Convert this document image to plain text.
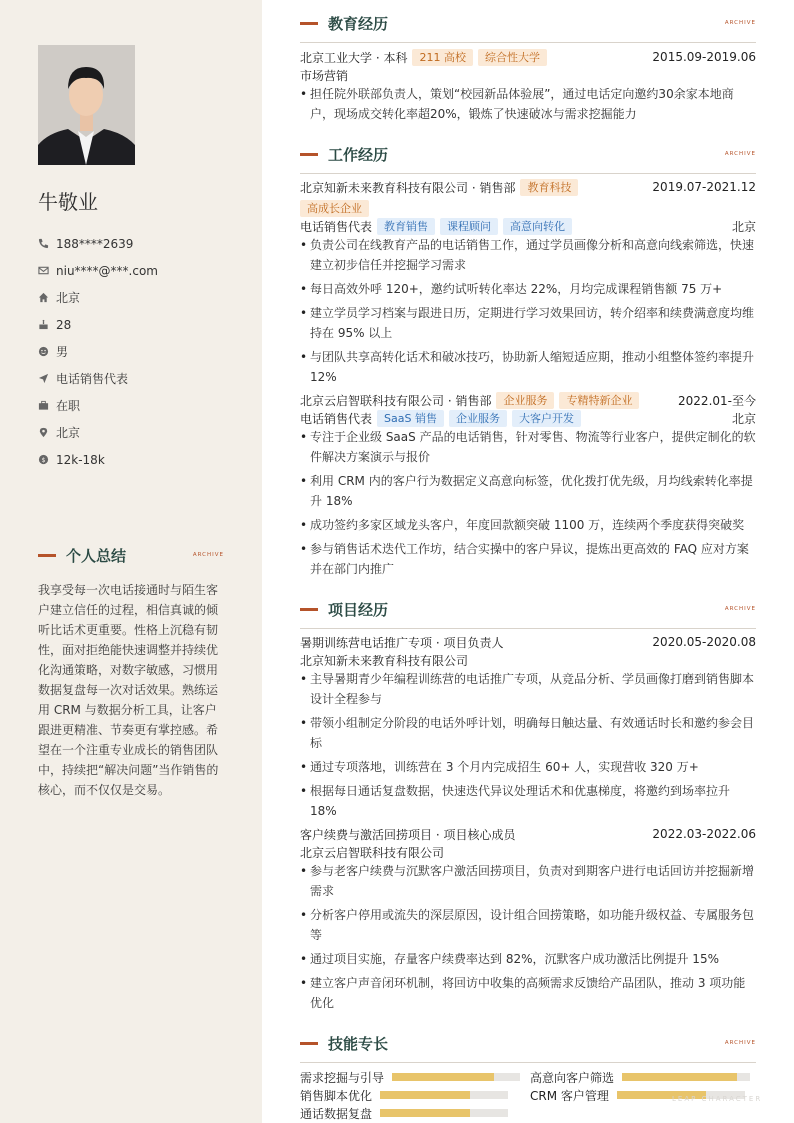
牛敬业
188****2639
niu****@***.com
北京
28
男
电话销售代表
在职
北京
$ 12k-18k
个人总结	ARCHIVE
我享受每一次电话接通时与陌生客户建立信任的过程，相信真诚的倾听比话术更重要。性格上沉稳有韧性，面对拒绝能快速调整并持续优化沟通策略，对数字敏感，习惯用数据复盘每一次对话效果。熟练运用 CRM 与数据分析工具，让客户跟进更精准、节奏更有掌控感。希望在一个注重专业成长的销售团队中，持续把“解决问题”当作销售的核心，而不仅仅是交易。
教育经历	ARCHIVE
北京工业大学 · 本科	211 高校	综合性大学	2015.09-2019.06
市场营销
• 担任院外联部负责人，策划“校园新品体验展”，通过电话定向邀约30余家本地商户，现场成交转化率超20%，锻炼了快速破冰与需求挖掘能力
工作经历	ARCHIVE
北京知新未来教育科技有限公司 · 销售部	教育科技	2019.07-2021.12
高成长企业
电话销售代表	教育销售	课程顾问	高意向转化	北京
• 负责公司在线教育产品的电话销售工作，通过学员画像分析和高意向线索筛选，快速建立初步信任并挖掘学习需求
• 每日高效外呼 120+，邀约试听转化率达 22%，月均完成课程销售额 75 万+
• 建立学员学习档案与跟进日历，定期进行学习效果回访，转介绍率和续费满意度均维持在 95% 以上
• 与团队共享高转化话术和破冰技巧，协助新人缩短适应期，推动小组整体签约率提升 12%
北京云启智联科技有限公司 · 销售部	企业服务	专精特新企业	2022.01-至今
电话销售代表	SaaS 销售	企业服务	大客户开发	北京
• 专注于企业级 SaaS 产品的电话销售，针对零售、物流等行业客户，提供定制化的软件解决方案演示与报价
• 利用 CRM 内的客户行为数据定义高意向标签，优化拨打优先级，月均线索转化率提升 18%
• 成功签约多家区域龙头客户，年度回款额突破 1100 万，连续两个季度获得突破奖
• 参与销售话术迭代工作坊，结合实操中的客户异议，提炼出更高效的 FAQ 应对方案并在部门内推广
项目经历	ARCHIVE
暑期训练营电话推广专项 · 项目负责人	2020.05-2020.08
北京知新未来教育科技有限公司
• 主导暑期青少年编程训练营的电话推广专项，从竞品分析、学员画像打磨到销售脚本设计全程参与
• 带领小组制定分阶段的电话外呼计划，明确每日触达量、有效通话时长和邀约参会目标
• 通过专项落地，训练营在 3 个月内完成招生 60+ 人，实现营收 320 万+
• 根据每日通话复盘数据，快速迭代异议处理话术和优惠梯度，将邀约到场率拉升 18%
客户续费与激活回捞项目 · 项目核心成员	2022.03-2022.06
北京云启智联科技有限公司
• 参与老客户续费与沉默客户激活回捞项目，负责对到期客户进行电话回访并挖掘新增需求
• 分析客户停用或流失的深层原因，设计组合回捞策略，如功能升级权益、专属服务包等
• 通过项目实施，存量客户续费率达到 82%，沉默客户成功激活比例提升 15%
• 建立客户声音闭环机制，将回访中收集的高频需求反馈给产品团队，推动 3 项功能优化
技能专长	ARCHIVE
需求挖掘与引导	高意向客户筛选
销售脚本优化	CRM 客户管理
通话数据复盘
LEAP CHARACTER
